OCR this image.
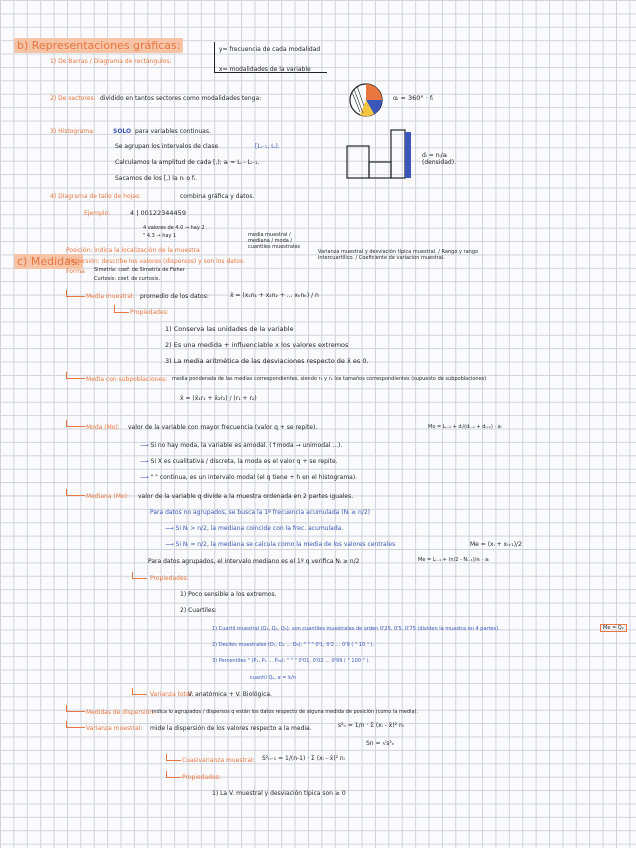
b) Representaciones gráficas:
1) De Barras / Diagrama de rectángulos:
y= frecuencia de cada modalidad
x= modalidades de la variable
2) De sectores: dividido en tantos sectores como modalidades tenga:	αᵢ = 360° · fᵢ
3) Histograma:	SOLO para variables continuas.
Se agrupan los intervalos de clase	[Lᵢ₋₁, Lᵢ).
Calculamos la amplitud de cada [,): aᵢ = Lᵢ - Lᵢ₋₁.
Sacamos de los [,) la nᵢ o fᵢ.
dᵢ = nᵢ/aᵢ (densidad).
4) Diagrama de tallo de hojas:	combina gráfica y datos.
Ejemplo:	4 | 00122344459
4 valores de 4.0 → hay 2
" 4.3 → hay 1
c) Medidas:
Posición: indica la localización de la muestra
media muestral / mediana / moda / cuantiles muestrales
Dispersión: describe los valores (dispersos) y son los datos.
Varianza muestral y desviación típica muestral. / Rango y rango intercuartílico. / Coeficiente de variación muestral.
Forma Simetría: coef. de Simetría de Fisher
Curtosis: coef. de curtosis.
Media muestral: promedio de los datos:	x̄ = (x₁n₁ + x₂n₂ + ... xₖnₖ) / n
Propiedades:
1) Conserva las unidades de la variable
2) Es una medida + influenciable x los valores extremos
3) La media aritmética de las desviaciones respecto de x̄ es 0.
Media con subpoblaciones: media ponderada de las medias correspondientes, siendo r₁ y r₂ los tamaños correspondientes (supuesto de subpoblaciones)
x̄ = (x̄₁r₁ + x̄₂r₂) / (r₁ + r₂)
Moda (Mo): valor de la variable con mayor frecuencia (valor q + se repite).	Mo = Lᵢ₋₁ + dᵢ/(dᵢ₋₁ + dᵢ₊₁) · aᵢ
⟶ Si no hay moda, la variable es amodal. (↑moda → unimodal ...).
⟶ Si X es cualitativa / discreta, la moda es el valor q + se repite.
⟶ " " continua, es un intervalo modal (el q tiene + h en el histograma).
Mediana (Me): valor de la variable q divide a la muestra ordenada en 2 partes iguales.
Para datos no agrupados, se busca la 1ª frecuencia acumulada (Nᵢ ≥ n/2)
⟶ Si Nᵢ > n/2, la mediana coincide con la frec. acumulada.
⟶ Si Nᵢ = n/2, la mediana se calcula como la media de los valores centrales	Me = (xᵢ + xᵢ₊₁)/2
Para datos agrupados, el intervalo mediano es el 1º q verifica Nᵢ ≥ n/2	Me = Lᵢ₋₁ + (n/2 - Nᵢ₋₁)/nᵢ · aᵢ
Propiedades:
1) Poco sensible a los extremos.
2) Cuartiles:
1) Cuartil muestral (Q₁, Q₂, Q₃): son cuantiles muestrales de orden 0'25, 0'5, 0'75 (dividen la muestra en 4 partes).	Me = Q₂
2) Deciles muestrales (D₁, D₂ ... D₉): " " " 0'1, 0'2 ... 0'9 ( " 10 " ).
3) Percentiles " (P₁, P₂ ... P₉₉): " " " 0'01, 0'02 ... 0'99 ( " 100 " ).
cuantil Qₐ, α = k/n
Varianza total:
V. anatómica + V. Biológica.
Medidas de dispersión:
indica lo agrupados / dispersos q están los datos respecto de alguna medida de posición (como la media).
Varianza muestral: mide la dispersión de los valores respecto a la media.	s²ₙ = 1/n · Σ (xᵢ - x̄)² nᵢ
Sn = √s²ₙ
Cuasivarianza muestral: S²ₙ₋₁ = 1/(n-1) · Σ (xᵢ - x̄)² nᵢ
Propiedades:
1) La V. muestral y desviación típica son ≥ 0
